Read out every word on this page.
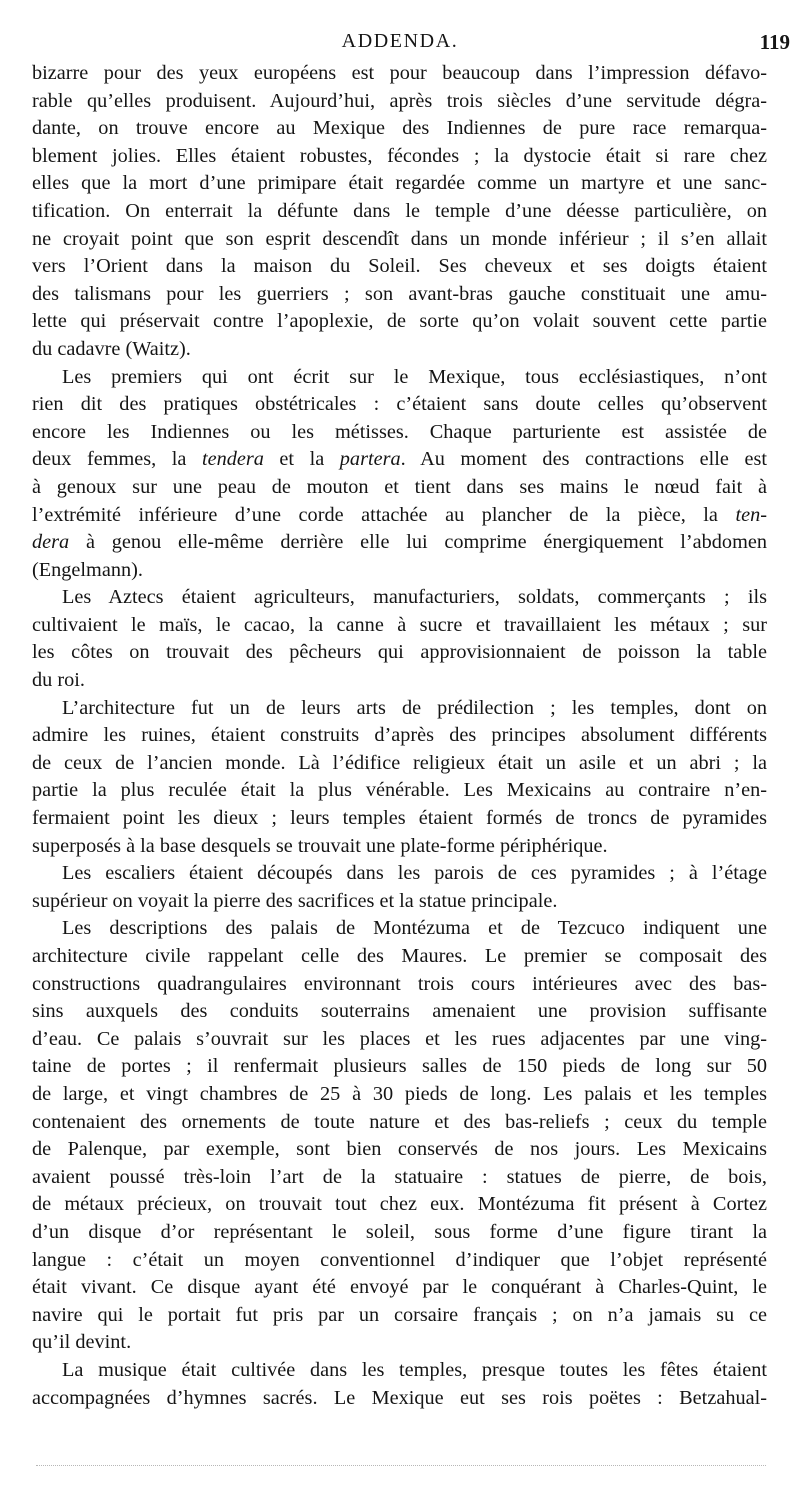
ADDENDA.	119
bizarre pour des yeux européens est pour beaucoup dans l’impression défavo-
rable qu’elles produisent. Aujourd’hui, après trois siècles d’une servitude dégra-
dante, on trouve encore au Mexique des Indiennes de pure race remarqua-
blement jolies. Elles étaient robustes, fécondes ; la dystocie était si rare chez
elles que la mort d’une primipare était regardée comme un martyre et une sanc-
tification. On enterrait la défunte dans le temple d’une déesse particulière, on
ne croyait point que son esprit descendît dans un monde inférieur ; il s’en allait
vers l’Orient dans la maison du Soleil. Ses cheveux et ses doigts étaient
des talismans pour les guerriers ; son avant-bras gauche constituait une amu-
lette qui préservait contre l’apoplexie, de sorte qu’on volait souvent cette partie
du cadavre (Waitz).
Les premiers qui ont écrit sur le Mexique, tous ecclésiastiques, n’ont
rien dit des pratiques obstétricales : c’étaient sans doute celles qu’observent
encore les Indiennes ou les métisses. Chaque parturiente est assistée de
deux femmes, la tendera et la partera. Au moment des contractions elle est
à genoux sur une peau de mouton et tient dans ses mains le nœud fait à
l’extrémité inférieure d’une corde attachée au plancher de la pièce, la ten-
dera à genou elle-même derrière elle lui comprime énergiquement l’abdomen
(Engelmann).
Les Aztecs étaient agriculteurs, manufacturiers, soldats, commerçants ; ils
cultivaient le maïs, le cacao, la canne à sucre et travaillaient les métaux ; sur
les côtes on trouvait des pêcheurs qui approvisionnaient de poisson la table
du roi.
L’architecture fut un de leurs arts de prédilection ; les temples, dont on
admire les ruines, étaient construits d’après des principes absolument différents
de ceux de l’ancien monde. Là l’édifice religieux était un asile et un abri ; la
partie la plus reculée était la plus vénérable. Les Mexicains au contraire n’en-
fermaient point les dieux ; leurs temples étaient formés de troncs de pyramides
superposés à la base desquels se trouvait une plate-forme périphérique.
Les escaliers étaient découpés dans les parois de ces pyramides ; à l’étage
supérieur on voyait la pierre des sacrifices et la statue principale.
Les descriptions des palais de Montézuma et de Tezcuco indiquent une
architecture civile rappelant celle des Maures. Le premier se composait des
constructions quadrangulaires environnant trois cours intérieures avec des bas-
sins auxquels des conduits souterrains amenaient une provision suffisante
d’eau. Ce palais s’ouvrait sur les places et les rues adjacentes par une ving-
taine de portes ; il renfermait plusieurs salles de 150 pieds de long sur 50
de large, et vingt chambres de 25 à 30 pieds de long. Les palais et les temples
contenaient des ornements de toute nature et des bas-reliefs ; ceux du temple
de Palenque, par exemple, sont bien conservés de nos jours. Les Mexicains
avaient poussé très-loin l’art de la statuaire : statues de pierre, de bois,
de métaux précieux, on trouvait tout chez eux. Montézuma fit présent à Cortez
d’un disque d’or représentant le soleil, sous forme d’une figure tirant la
langue : c’était un moyen conventionnel d’indiquer que l’objet représenté
était vivant. Ce disque ayant été envoyé par le conquérant à Charles-Quint, le
navire qui le portait fut pris par un corsaire français ; on n’a jamais su ce
qu’il devint.
La musique était cultivée dans les temples, presque toutes les fêtes étaient
accompagnées d’hymnes sacrés. Le Mexique eut ses rois poëtes : Betzahual-
